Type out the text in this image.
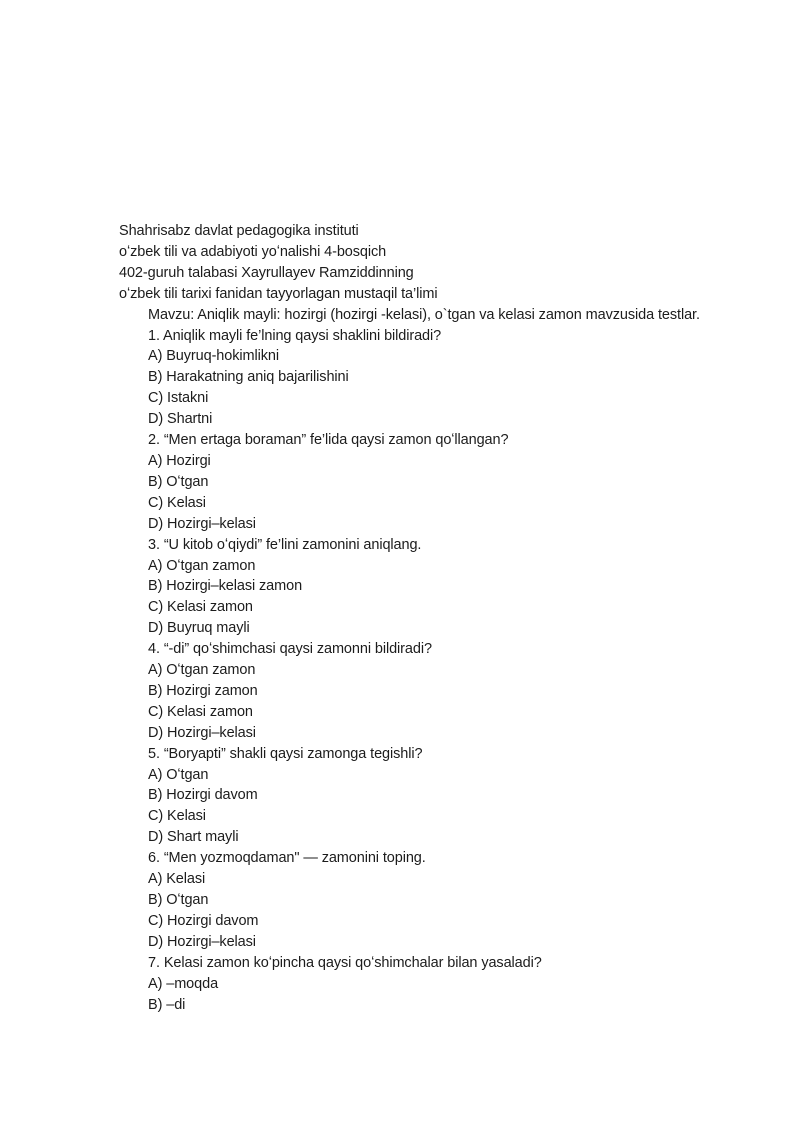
Shahrisabz davlat pedagogika instituti

oʻzbek tili va adabiyoti yoʻnalishi 4-bosqich

402-guruh talabasi Xayrullayev Ramziddinning

oʻzbek tili tarixi fanidan tayyorlagan mustaqil ta’limi

Mavzu: Aniqlik mayli: hozirgi (hozirgi -kelasi), o`tgan va kelasi zamon mavzusida testlar.

1. Aniqlik mayli fe’lning qaysi shaklini bildiradi?

A) Buyruq-hokimlikni

B) Harakatning aniq bajarilishini

C) Istakni

D) Shartni

2. “Men ertaga boraman” fe’lida qaysi zamon qoʻllangan?

A) Hozirgi

B) Oʻtgan

C) Kelasi

D) Hozirgi–kelasi

3. “U kitob oʻqiydi” fe’lini zamonini aniqlang.

A) Oʻtgan zamon

B) Hozirgi–kelasi zamon

C) Kelasi zamon

D) Buyruq mayli

4. “-di” qoʻshimchasi qaysi zamonni bildiradi?

A) Oʻtgan zamon

B) Hozirgi zamon

C) Kelasi zamon

D) Hozirgi–kelasi

5. “Boryapti” shakli qaysi zamonga tegishli?

A) Oʻtgan

B) Hozirgi davom

C) Kelasi

D) Shart mayli

6. “Men yozmoqdaman" — zamonini toping.

A) Kelasi

B) Oʻtgan

C) Hozirgi davom

D) Hozirgi–kelasi

7. Kelasi zamon koʻpincha qaysi qoʻshimchalar bilan yasaladi?

A) –moqda

B) –di
